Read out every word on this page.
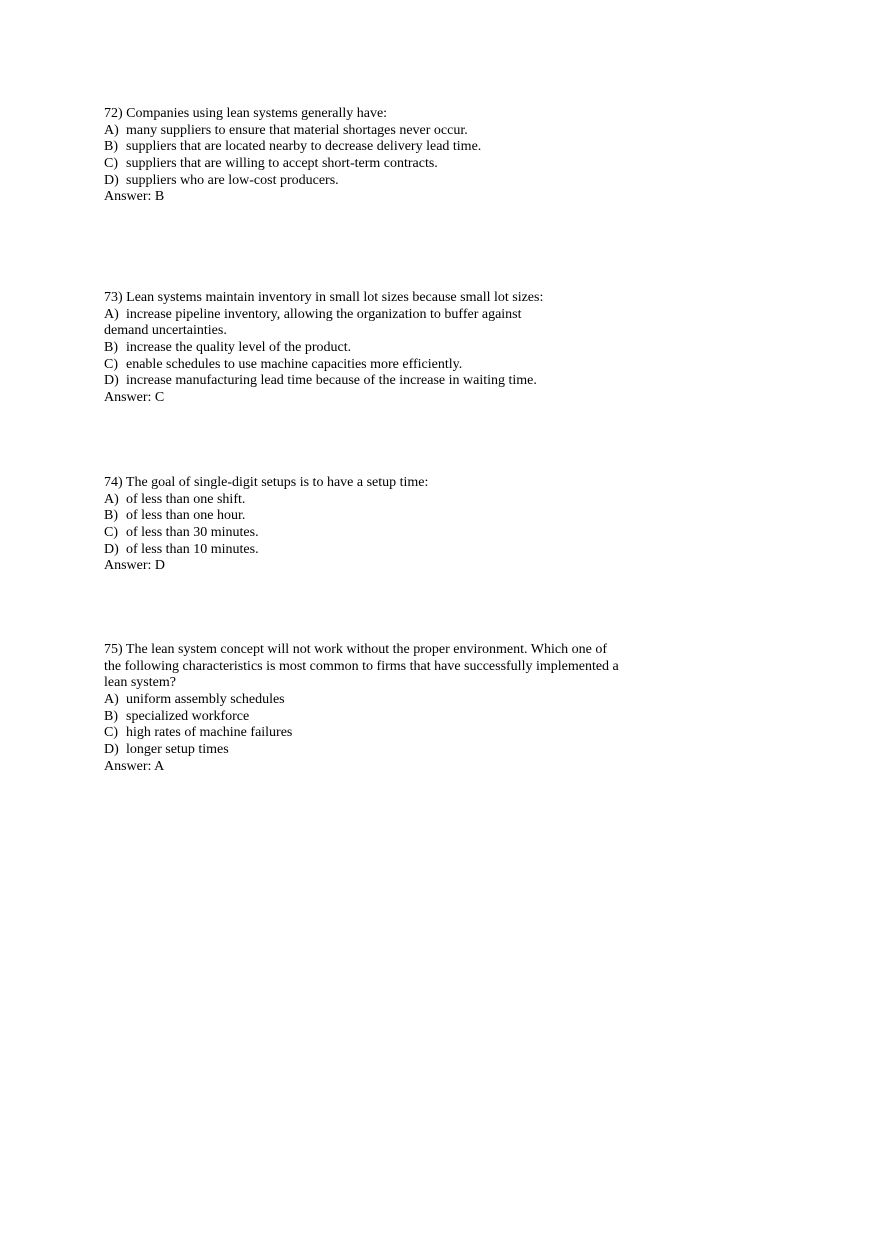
72) Companies using lean systems generally have:
A) many suppliers to ensure that material shortages never occur.
B) suppliers that are located nearby to decrease delivery lead time.
C) suppliers that are willing to accept short-term contracts.
D) suppliers who are low-cost producers.
Answer: B
73) Lean systems maintain inventory in small lot sizes because small lot sizes:
A) increase pipeline inventory, allowing the organization to buffer against
demand uncertainties.
B) increase the quality level of the product.
C) enable schedules to use machine capacities more efficiently.
D) increase manufacturing lead time because of the increase in waiting time.
Answer: C
74) The goal of single-digit setups is to have a setup time:
A) of less than one shift.
B) of less than one hour.
C) of less than 30 minutes.
D) of less than 10 minutes.
Answer: D
75) The lean system concept will not work without the proper environment. Which one of
the following characteristics is most common to firms that have successfully implemented a
lean system?
A) uniform assembly schedules
B) specialized workforce
C) high rates of machine failures
D) longer setup times
Answer: A
